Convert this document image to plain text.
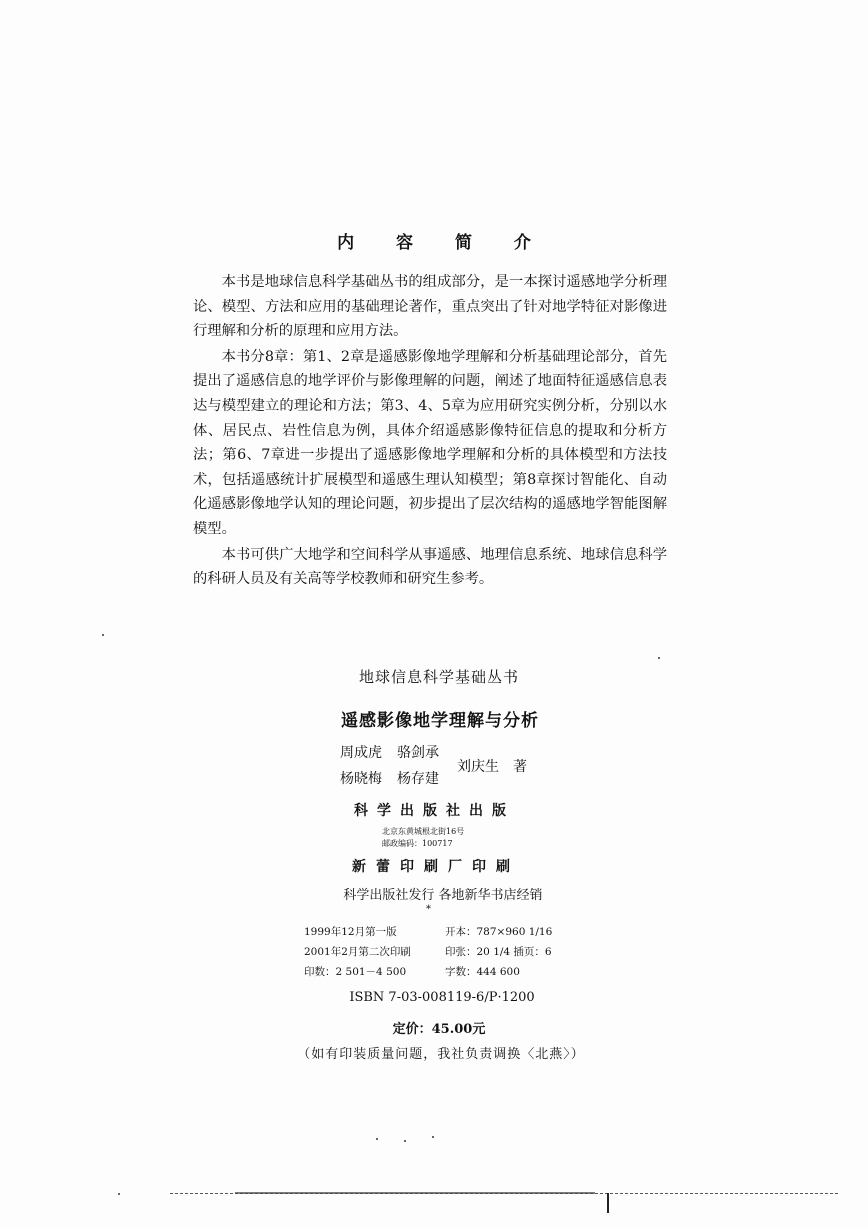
内 容 简 介

本书是地球信息科学基础丛书的组成部分，是一本探讨遥感地学分析理论、模型、方法和应用的基础理论著作，重点突出了针对地学特征对影像进行理解和分析的原理和应用方法。

本书分8章：第1、2章是遥感影像地学理解和分析基础理论部分，首先提出了遥感信息的地学评价与影像理解的问题，阐述了地面特征遥感信息表达与模型建立的理论和方法；第3、4、5章为应用研究实例分析，分别以水体、居民点、岩性信息为例，具体介绍遥感影像特征信息的提取和分析方法；第6、7章进一步提出了遥感影像地学理解和分析的具体模型和方法技术，包括遥感统计扩展模型和遥感生理认知模型；第8章探讨智能化、自动化遥感影像地学认知的理论问题，初步提出了层次结构的遥感地学智能图解模型。

本书可供广大地学和空间科学从事遥感、地理信息系统、地球信息科学的科研人员及有关高等学校教师和研究生参考。

地球信息科学基础丛书
遥感影像地学理解与分析
周成虎 骆剑承
杨晓梅 杨存建
刘庆生 著
科学出版社出版
北京东黄城根北街16号
邮政编码：100717
新蕾印刷厂印刷
科学出版社发行 各地新华书店经销
*
1999年12月第一版	开本：787×960 1/16
2001年2月第二次印刷	印张：20 1/4 插页：6
印数：2 501－4 500	字数：444 600
ISBN 7-03-008119-6/P·1200
定价：45.00元
（如有印装质量问题，我社负责调换〈北燕〉）
